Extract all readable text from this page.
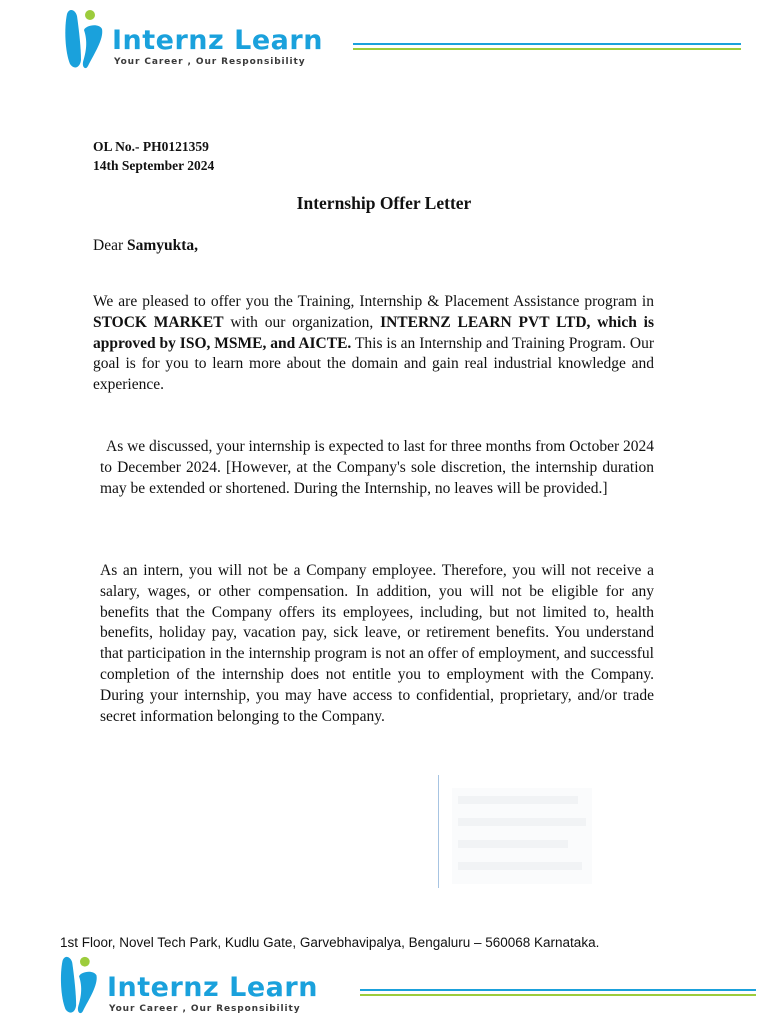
Internz Learn
Your Career , Our Responsibility
OL No.- PH0121359
14th September 2024
Internship Offer Letter
Dear Samyukta,
We are pleased to offer you the Training, Internship & Placement Assistance program in STOCK MARKET with our organization, INTERNZ LEARN PVT LTD, which is approved by ISO, MSME, and AICTE. This is an Internship and Training Program. Our goal is for you to learn more about the domain and gain real industrial knowledge and experience.
As we discussed, your internship is expected to last for three months from October 2024 to December 2024. [However, at the Company's sole discretion, the internship duration may be extended or shortened. During the Internship, no leaves will be provided.]
As an intern, you will not be a Company employee. Therefore, you will not receive a salary, wages, or other compensation. In addition, you will not be eligible for any benefits that the Company offers its employees, including, but not limited to, health benefits, holiday pay, vacation pay, sick leave, or retirement benefits. You understand that participation in the internship program is not an offer of employment, and successful completion of the internship does not entitle you to employment with the Company. During your internship, you may have access to confidential, proprietary, and/or trade secret information belonging to the Company.
1st Floor, Novel Tech Park, Kudlu Gate, Garvebhavipalya, Bengaluru – 560068 Karnataka.
Internz Learn
Your Career , Our Responsibility
